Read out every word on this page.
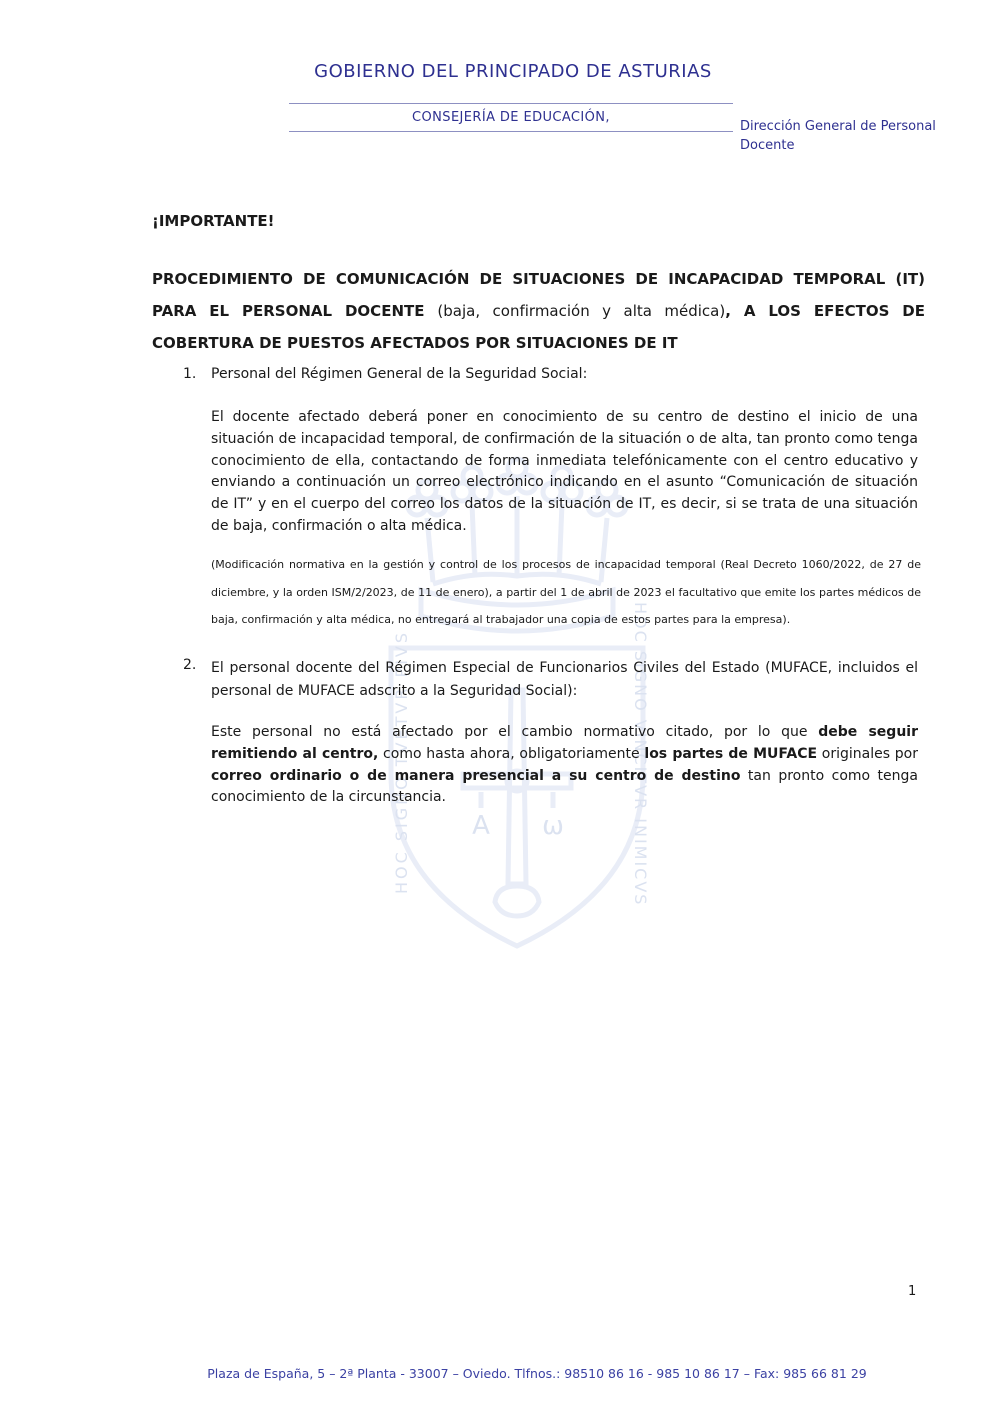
Α ω
HOC SIGNO TVETVR PIVS	HOC SIGNO VINCITVR INIMICVS
GOBIERNO DEL PRINCIPADO DE ASTURIAS
CONSEJERÍA DE EDUCACIÓN,
Dirección General de Personal Docente
¡IMPORTANTE!
PROCEDIMIENTO DE COMUNICACIÓN DE SITUACIONES DE INCAPACIDAD TEMPORAL (IT) PARA EL PERSONAL DOCENTE (baja, confirmación y alta médica), A LOS EFECTOS DE COBERTURA DE PUESTOS AFECTADOS POR SITUACIONES DE IT
1. Personal del Régimen General de la Seguridad Social:
El docente afectado deberá poner en conocimiento de su centro de destino el inicio de una situación de incapacidad temporal, de confirmación de la situación o de alta, tan pronto como tenga conocimiento de ella, contactando de forma inmediata telefónicamente con el centro educativo y enviando a continuación un correo electrónico indicando en el asunto “Comunicación de situación de IT” y en el cuerpo del correo los datos de la situación de IT, es decir, si se trata de una situación de baja, confirmación o alta médica.
(Modificación normativa en la gestión y control de los procesos de incapacidad temporal (Real Decreto 1060/2022, de 27 de diciembre, y la orden ISM/2/2023, de 11 de enero), a partir del 1 de abril de 2023 el facultativo que emite los partes médicos de baja, confirmación y alta médica, no entregará al trabajador una copia de estos partes para la empresa).
2. El personal docente del Régimen Especial de Funcionarios Civiles del Estado (MUFACE, incluidos el personal de MUFACE adscrito a la Seguridad Social):
Este personal no está afectado por el cambio normativo citado, por lo que debe seguir remitiendo al centro, como hasta ahora, obligatoriamente los partes de MUFACE originales por correo ordinario o de manera presencial a su centro de destino tan pronto como tenga conocimiento de la circunstancia.
1
Plaza de España, 5 – 2ª Planta - 33007 – Oviedo. Tlfnos.: 98510 86 16 - 985 10 86 17 – Fax: 985 66 81 29
